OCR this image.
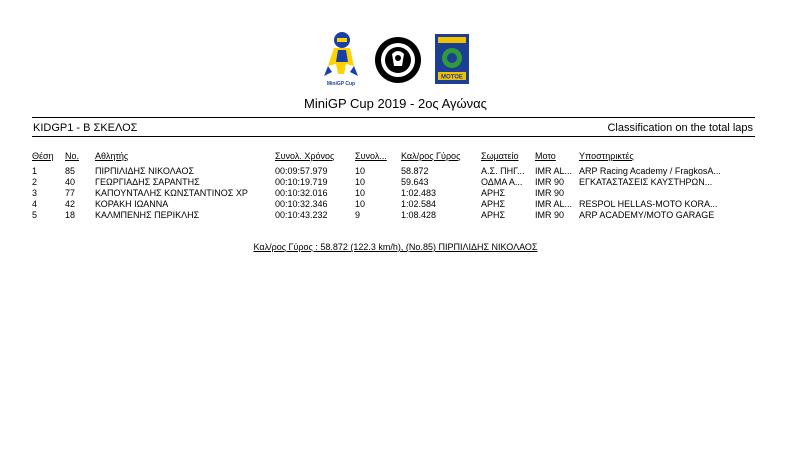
MiniGP Cup
MOTOE
MiniGP Cup 2019 - 2ος Αγώνας
KIDGP1 - B ΣΚΕΛΟΣ	Classification on the total laps
Θέση	No.	Αθλητής	Συνολ. Χρόνος	Συνολ...	Καλ/ρος Γύρος	Σωματείο	Μοτο	Υποστηρικτές
1	85	ΠΙΡΠΙΛΙΔΗΣ ΝΙΚΟΛΑΟΣ	00:09:57.979	10	58.872	Α.Σ. ΠΗΓ...	IMR AL...	ARP Racing Academy / FragkosA...
2	40	ΓΕΩΡΓΙΑΔΗΣ ΣΑΡΑΝΤΗΣ	00:10:19.719	10	59.643	ΟΔΜΑ Α...	IMR 90	ΕΓΚΑΤΑΣΤΑΣΕΙΣ ΚΑΥΣΤΗΡΩΝ...
3	77	ΚΑΠΟΥΝΤΑΛΗΣ ΚΩΝΣΤΑΝΤΙΝΟΣ ΧΡ	00:10:32.016	10	1:02.483	ΑΡΗΣ	IMR 90	
4	42	ΚΟΡΑΚΗ ΙΩΑΝΝΑ	00:10:32.346	10	1:02.584	ΑΡΗΣ	IMR AL...	RESPOL HELLAS-MOTO KORA...
5	18	ΚΑΛΜΠΕΝΗΣ ΠΕΡΙΚΛΗΣ	00:10:43.232	9	1:08.428	ΑΡΗΣ	IMR 90	ARP ACADEMY/MOTO GARAGE
Καλ/ρος Γύρος : 58.872 (122.3 km/h), (No.85) ΠΙΡΠΙΛΙΔΗΣ ΝΙΚΟΛΑΟΣ
